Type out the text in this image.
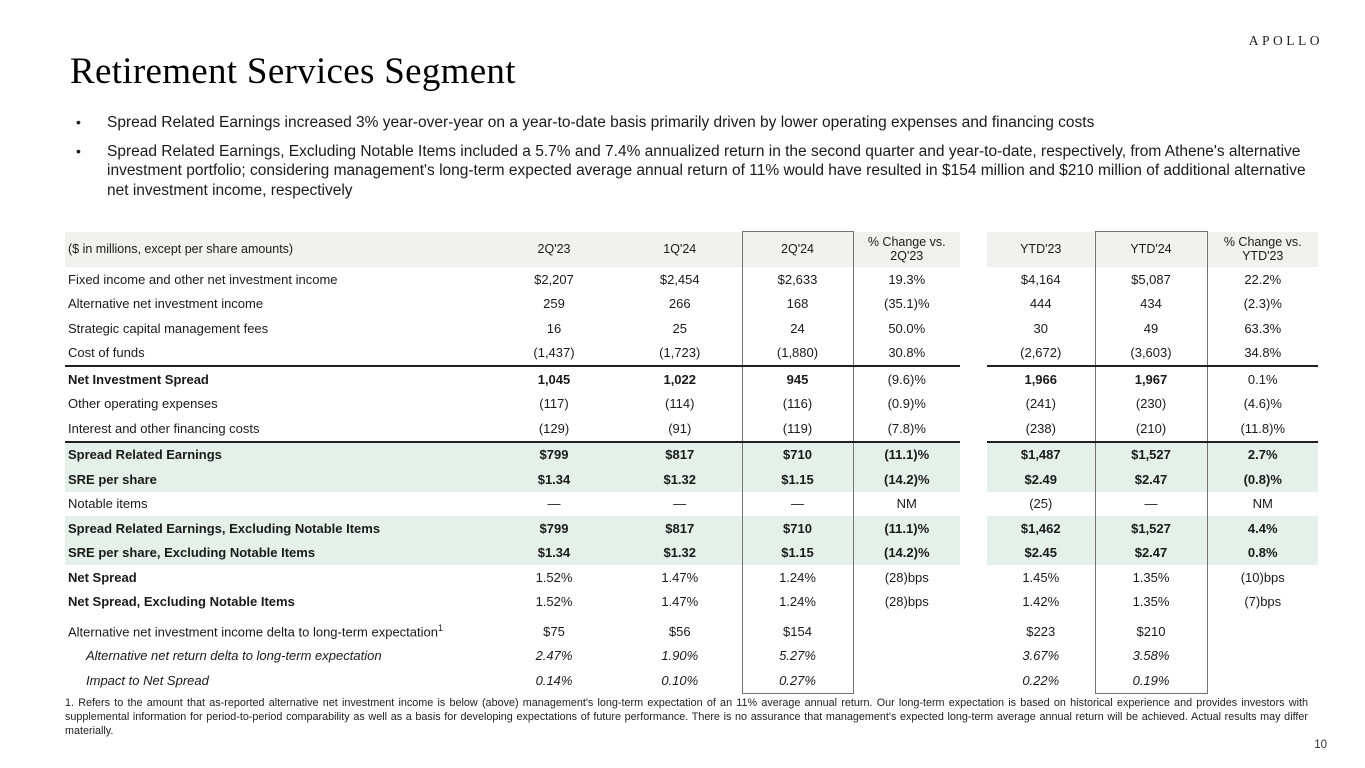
APOLLO
Retirement Services Segment
•	Spread Related Earnings increased 3% year-over-year on a year-to-date basis primarily driven by lower operating expenses and financing costs
•	Spread Related Earnings, Excluding Notable Items included a 5.7% and 7.4% annualized return in the second quarter and year-to-date, respectively, from Athene's alternative investment portfolio; considering management's long-term expected average annual return of 11% would have resulted in $154 million and $210 million of additional alternative net investment income, respectively
($ in millions, except per share amounts)	2Q'23	1Q'24	2Q'24	% Change vs. 2Q'23		YTD'23	YTD'24	% Change vs. YTD'23
Fixed income and other net investment income	$2,207	$2,454	$2,633	19.3%		$4,164	$5,087	22.2%
Alternative net investment income	259	266	168	(35.1)%		444	434	(2.3)%
Strategic capital management fees	16	25	24	50.0%		30	49	63.3%
Cost of funds	(1,437)	(1,723)	(1,880)	30.8%		(2,672)	(3,603)	34.8%
Net Investment Spread	1,045	1,022	945	(9.6)%		1,966	1,967	0.1%
Other operating expenses	(117)	(114)	(116)	(0.9)%		(241)	(230)	(4.6)%
Interest and other financing costs	(129)	(91)	(119)	(7.8)%		(238)	(210)	(11.8)%
Spread Related Earnings	$799	$817	$710	(11.1)%		$1,487	$1,527	2.7%
SRE per share	$1.34	$1.32	$1.15	(14.2)%		$2.49	$2.47	(0.8)%
Notable items	—	—	—	NM		(25)	—	NM
Spread Related Earnings, Excluding Notable Items	$799	$817	$710	(11.1)%		$1,462	$1,527	4.4%
SRE per share, Excluding Notable Items	$1.34	$1.32	$1.15	(14.2)%		$2.45	$2.47	0.8%
Net Spread	1.52%	1.47%	1.24%	(28)bps		1.45%	1.35%	(10)bps
Net Spread, Excluding Notable Items	1.52%	1.47%	1.24%	(28)bps		1.42%	1.35%	(7)bps

Alternative net investment income delta to long-term expectation$^1$	$75	$56	$154			$223	$210	
Alternative net return delta to long-term expectation	2.47%	1.90%	5.27%			3.67%	3.58%	
Impact to Net Spread	0.14%	0.10%	0.27%			0.22%	0.19%	
1. Refers to the amount that as-reported alternative net investment income is below (above) management's long-term expectation of an 11% average annual return. Our long-term expectation is based on historical experience and provides investors with supplemental information for period-to-period comparability as well as a basis for developing expectations of future performance. There is no assurance that management's expected long-term average annual return will be achieved. Actual results may differ materially.
10
